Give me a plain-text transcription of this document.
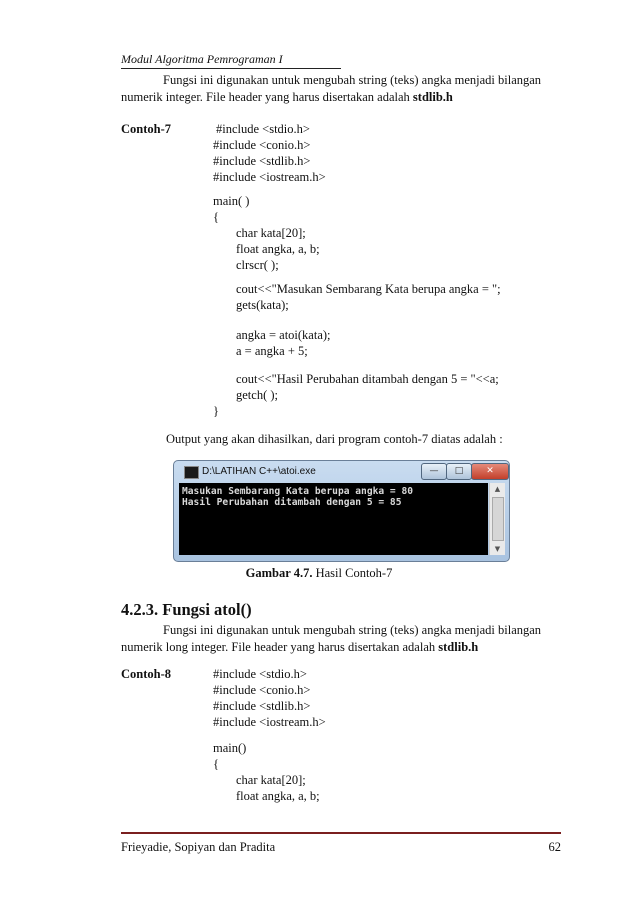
Modul Algoritma Pemrograman I
Fungsi ini digunakan untuk mengubah string (teks) angka menjadi bilangan
numerik integer. File header yang harus disertakan adalah stdlib.h
Contoh-7	#include <stdio.h>
#include <conio.h>
#include <stdlib.h>
#include <iostream.h>
main( )
{
char kata[20];
float angka, a, b;
clrscr( );
cout<<"Masukan Sembarang Kata berupa angka = ";
gets(kata);
angka = atoi(kata);
a = angka + 5;
cout<<"Hasil Perubahan ditambah dengan 5 = "<<a;
getch( );
}
Output yang akan dihasilkan, dari program contoh-7 diatas adalah :
D:\LATIHAN C++\atoi.exe	—	□	✕
Masukan Sembarang Kata berupa angka = 80
Hasil Perubahan ditambah dengan 5 = 85
▲
▼
Gambar 4.7. Hasil Contoh-7
4.2.3. Fungsi atol()
Fungsi ini digunakan untuk mengubah string (teks) angka menjadi bilangan
numerik long integer. File header yang harus disertakan adalah stdlib.h
Contoh-8	#include <stdio.h>
#include <conio.h>
#include <stdlib.h>
#include <iostream.h>
main()
{
char kata[20];
float angka, a, b;
Frieyadie, Sopiyan dan Pradita	62
